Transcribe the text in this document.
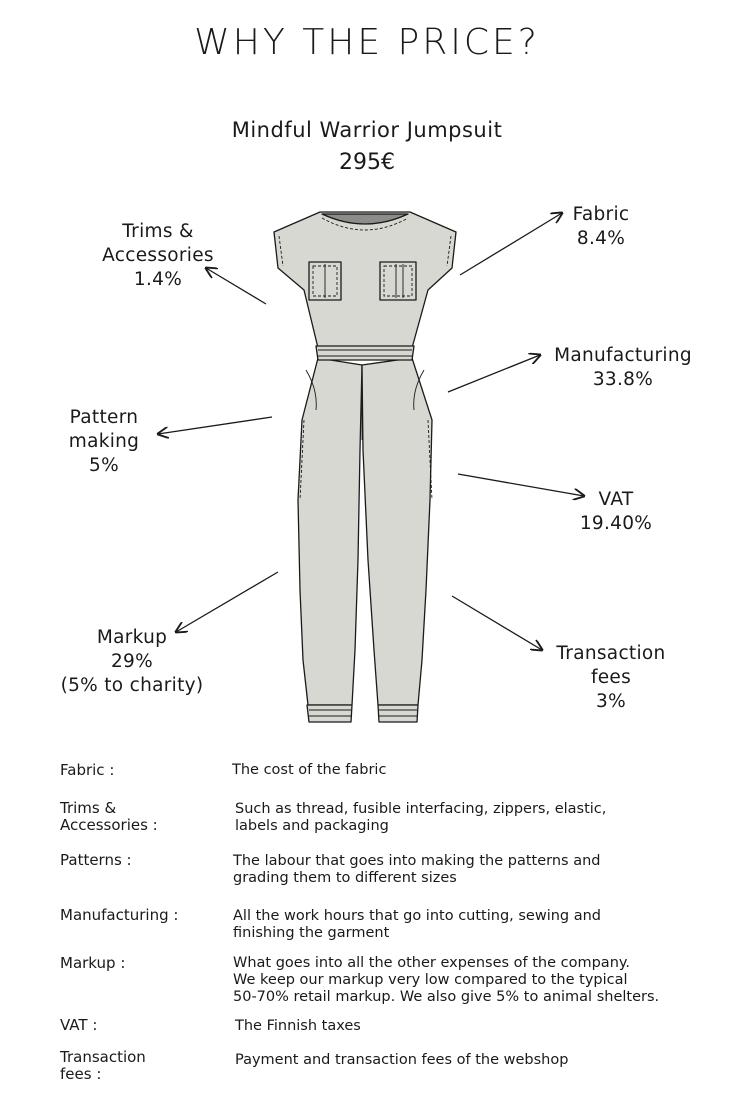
WHY THE PRICE?
Mindful Warrior Jumpsuit
295€
Trims &
Accessories
1.4%
Fabric
8.4%
Manufacturing
33.8%
Pattern
making
5%
VAT
19.40%
Markup
29%
(5% to charity)
Transaction
fees
3%
Fabric :	The cost of the fabric
Trims &
Accessories :
Such as thread, fusible interfacing, zippers, elastic,
labels and packaging
Patterns :	The labour that goes into making the patterns and
grading them to different sizes
Manufacturing :	All the work hours that go into cutting, sewing and
finishing the garment
Markup :	What goes into all the other expenses of the company.
We keep our markup very low compared to the typical
50-70% retail markup. We also give 5% to animal shelters.
VAT :	The Finnish taxes
Transaction
fees :
Payment and transaction fees of the webshop
